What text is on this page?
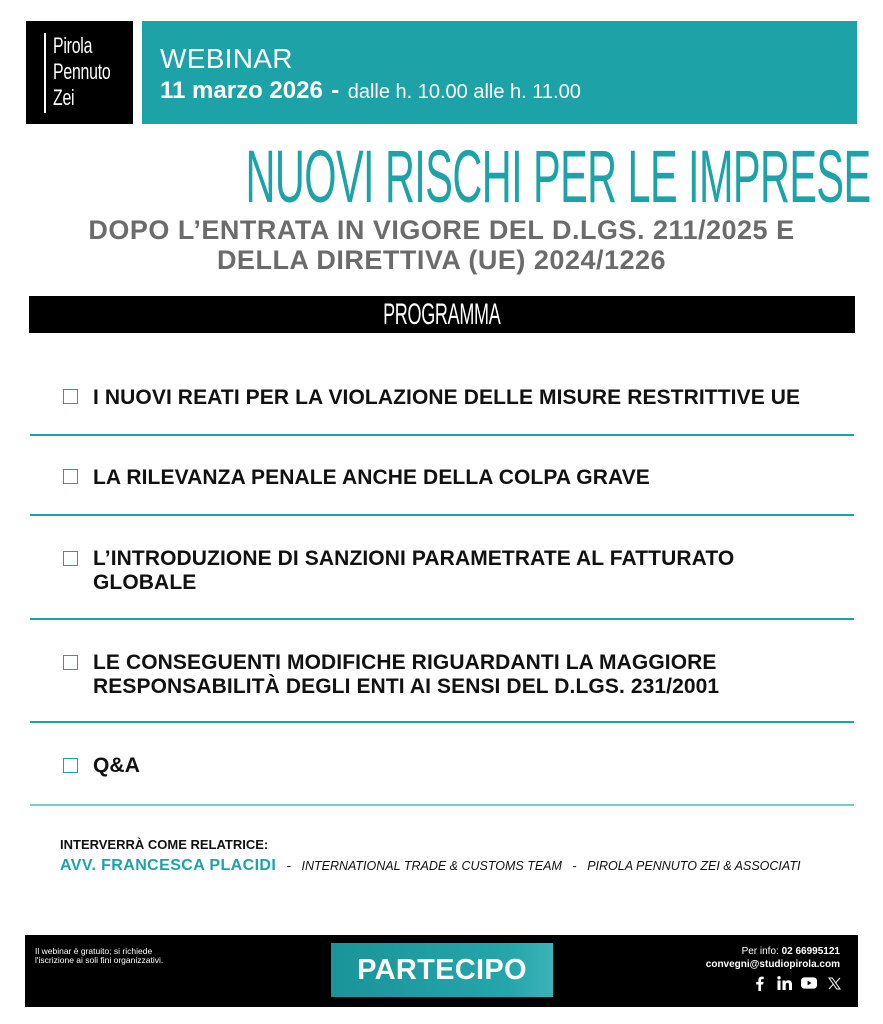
Pirola
Pennuto
Zei
WEBINAR
11 marzo 2026 - dalle h. 10.00 alle h. 11.00
NUOVI RISCHI PER LE IMPRESE
DOPO L’ENTRATA IN VIGORE DEL D.LGS. 211/2025 E
DELLA DIRETTIVA (UE) 2024/1226
PROGRAMMA
I NUOVI REATI PER LA VIOLAZIONE DELLE MISURE RESTRITTIVE UE
LA RILEVANZA PENALE ANCHE DELLA COLPA GRAVE
L’INTRODUZIONE DI SANZIONI PARAMETRATE AL FATTURATO GLOBALE
LE CONSEGUENTI MODIFICHE RIGUARDANTI LA MAGGIORE RESPONSABILITÀ DEGLI ENTI AI SENSI DEL D.LGS. 231/2001
Q&A
INTERVERRÀ COME RELATRICE:
AVV. FRANCESCA PLACIDI - INTERNATIONAL TRADE & CUSTOMS TEAM - PIROLA PENNUTO ZEI & ASSOCIATI
Il webinar è gratuito; si richiede
l'iscrizione ai soli fini organizzativi.	PARTECIPO
Per info: 02 66995121
convegni@studiopirola.com
